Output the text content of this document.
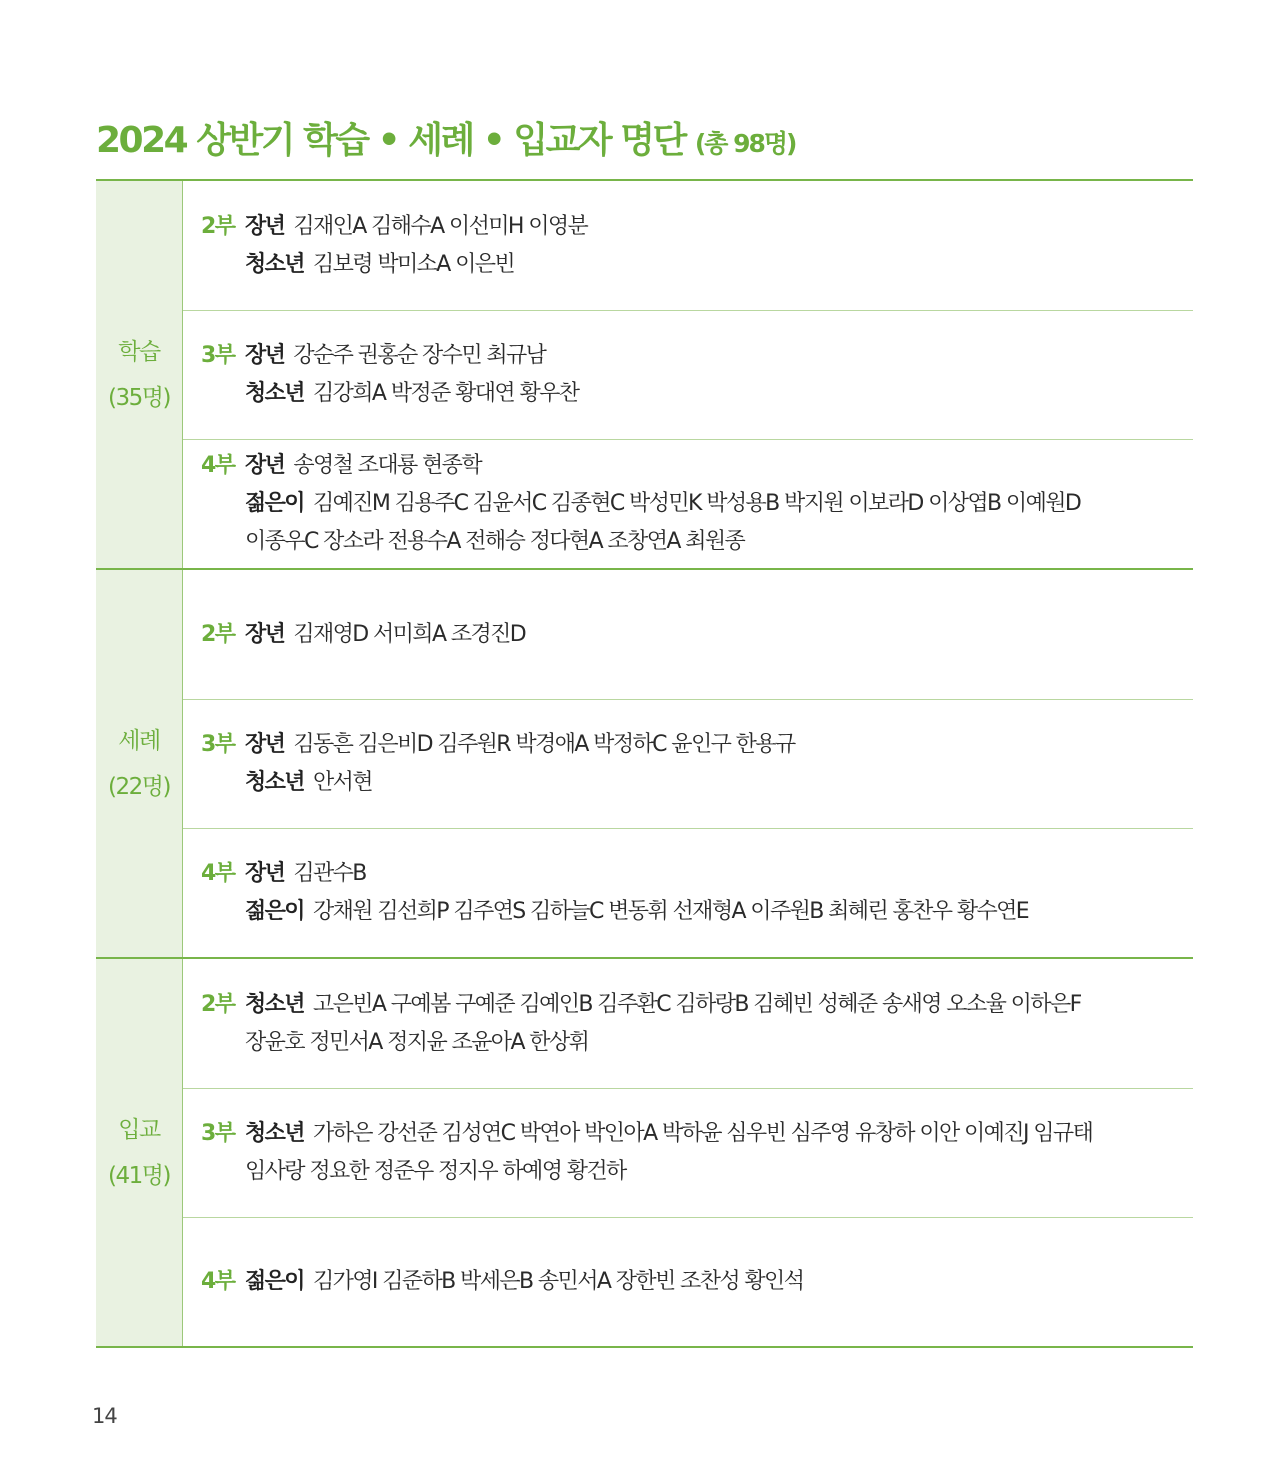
2024 상반기 학습 • 세례 • 입교자 명단 (총 98명)
학습
(35명)
2부 장년 김재인A 김해수A 이선미H 이영분
청소년 김보령 박미소A 이은빈
3부 장년 강순주 권홍순 장수민 최규남
청소년 김강희A 박정준 황대연 황우찬
4부 장년 송영철 조대룡 현종학
젊은이 김예진M 김용주C 김윤서C 김종현C 박성민K 박성용B 박지원 이보라D 이상엽B 이예원D
이종우C 장소라 전용수A 전해승 정다현A 조창연A 최원종
세례
(22명)
2부 장년 김재영D 서미희A 조경진D
3부 장년 김동흔 김은비D 김주원R 박경애A 박정하C 윤인구 한용규
청소년 안서현
4부 장년 김관수B
젊은이 강채원 김선희P 김주연S 김하늘C 변동휘 선재형A 이주원B 최혜린 홍찬우 황수연E
입교
(41명)
2부 청소년 고은빈A 구예봄 구예준 김예인B 김주환C 김하랑B 김혜빈 성혜준 송새영 오소율 이하은F
장윤호 정민서A 정지윤 조윤아A 한상휘
3부 청소년 가하은 강선준 김성연C 박연아 박인아A 박하윤 심우빈 심주영 유창하 이안 이예진J 임규태
임사랑 정요한 정준우 정지우 하예영 황건하
4부 젊은이 김가영I 김준하B 박세은B 송민서A 장한빈 조찬성 황인석
14
